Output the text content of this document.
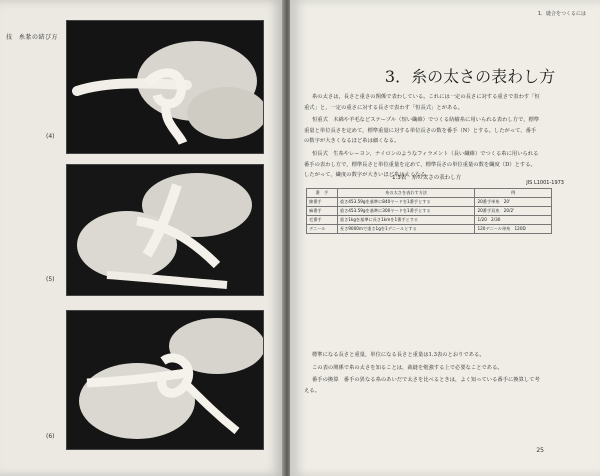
技　糸紮の結び方
(4)
(5)
(6)
1．縫合をつくるには
3．糸の太さの表わし方

糸の太さは，長さと重さの関係で表わしている。これには一定の長さに対する重さで表わす「恒重式」と，一定の重さに対する長さで表わす「恒長式」とがある。

恒重式　木綿や羊毛などステープル（短い繊維）でつくる紡績糸に用いられる表わし方で，標準重量と単位長さを定めて，標準重量に対する単位長さの数を番手（N）とする。したがって，番手の数字が大きくなるほど糸は細くなる。

恒長式　生糸やレーヨン，ナイロンのようなフィラメント（長い繊維）でつくる糸に用いられる番手の表わし方で，標準長さと単位重量を定めて，標準長さの単位重量の数を繊度（D）とする。したがって，繊度の数字が大きいほど糸は太くなる。

1.3表　糸の太さの表わし方
JIS L1001-1973
番　手	糸の太さを表わす方法	例
綿番手	重さ453.59gを基準に840ヤードを1番手とする	20番手単糸　20'
麻番手	重さ453.59gを基準に300ヤードを1番手とする	20番手双糸　20/2'
毛番手	重さ1kgを基準に長さ1kmを1番手とする	1/20　2/30
デニール	長さ9000mで重さ1gを1デニールとする	120デニール単糸　120D

標準になる長さと重量，単位になる長さと重量は1.3表のとおりである。

この表の関係で糸の太さを知ることは，裁縫を勉強する上で必要なことである。

番手の換算　番手の異なる糸のあいだで太さを比べるときは，よく知っている番手に換算して考える。

25
